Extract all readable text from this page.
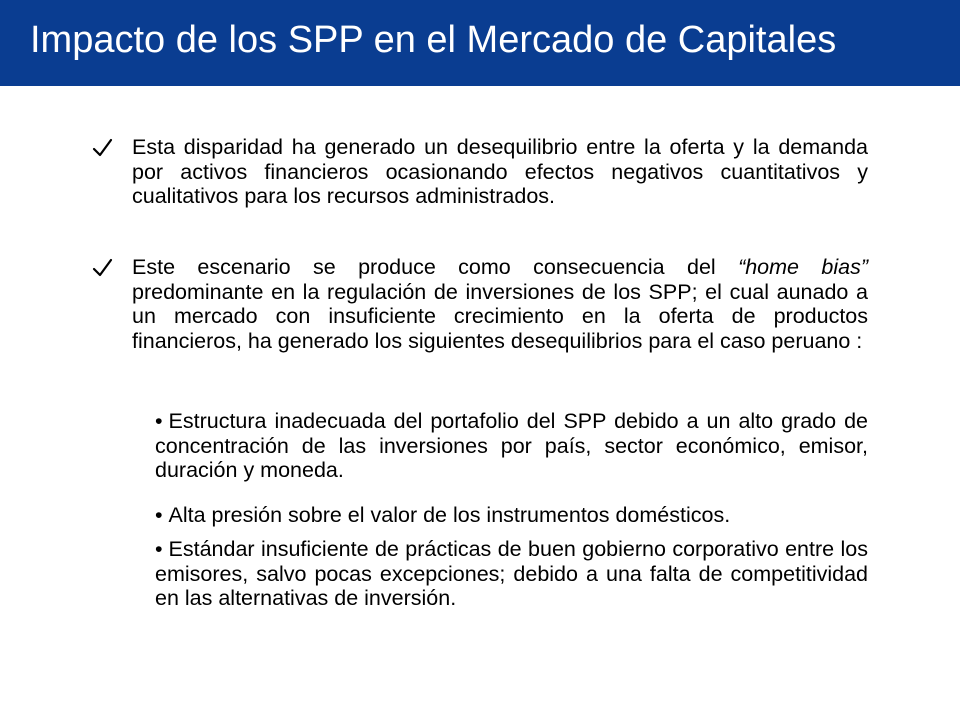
Impacto de los SPP en el Mercado de Capitales

Esta disparidad ha generado un desequilibrio entre la oferta y la demanda por activos financieros ocasionando efectos negativos cuantitativos y cualitativos para los recursos administrados.

Este escenario se produce como consecuencia del “home bias” predominante en la regulación de inversiones de los SPP; el cual aunado a un mercado con insuficiente crecimiento en la oferta de productos financieros, ha generado los siguientes desequilibrios para el caso peruano :

• Estructura inadecuada del portafolio del SPP debido a un alto grado de concentración de las inversiones por país, sector económico, emisor, duración y moneda.

• Alta presión sobre el valor de los instrumentos domésticos.

• Estándar insuficiente de prácticas de buen gobierno corporativo entre los emisores, salvo pocas excepciones; debido a una falta de competitividad en las alternativas de inversión.
